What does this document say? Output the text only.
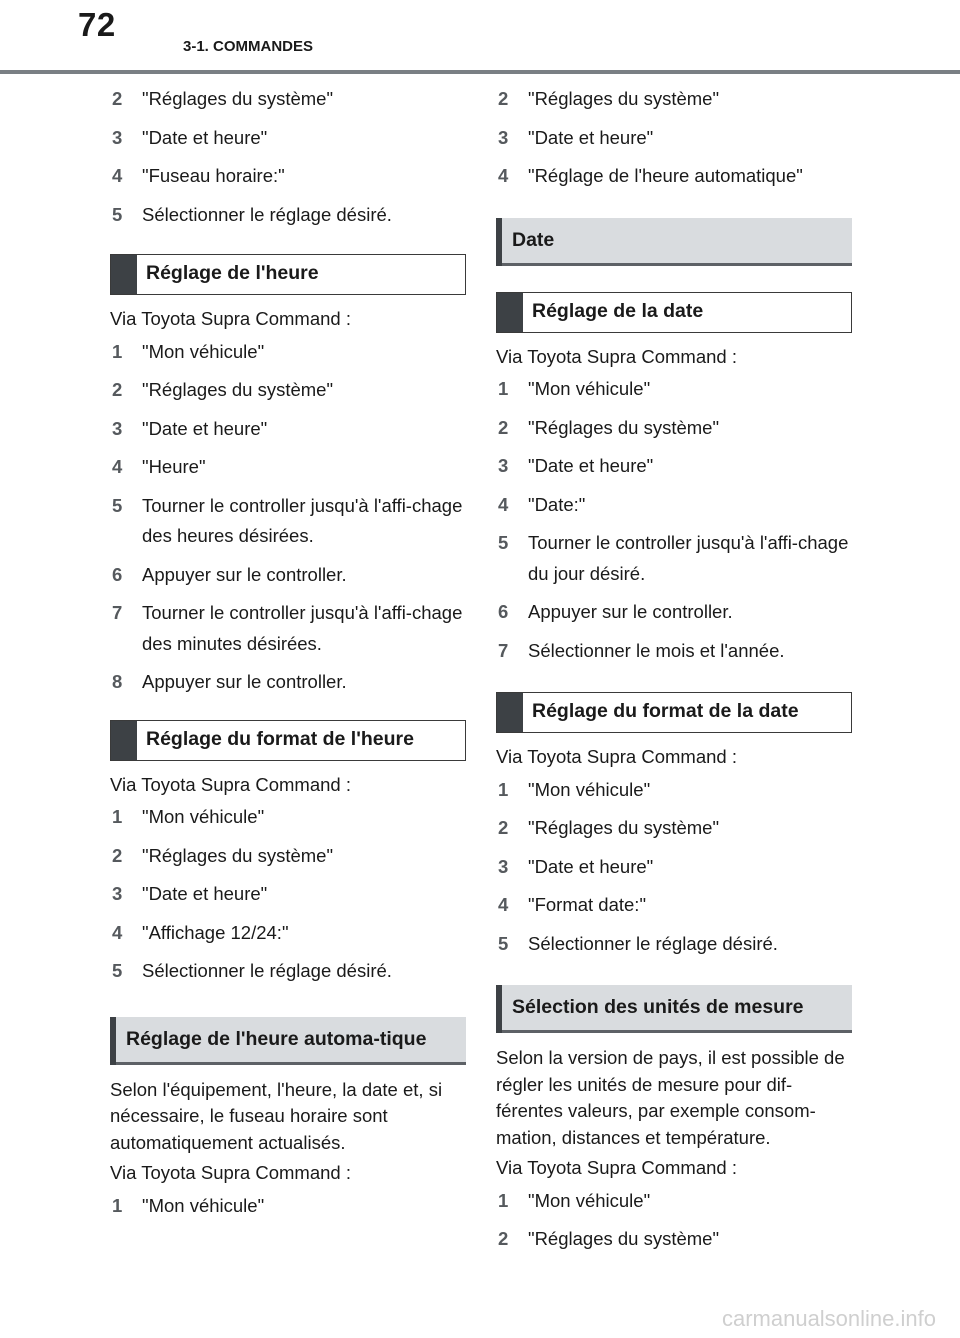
72
3-1. COMMANDES
2 "Réglages du système"
3 "Date et heure"
4 "Fuseau horaire:"
5 Sélectionner le réglage désiré.
Réglage de l'heure
Via Toyota Supra Command :
1 "Mon véhicule"
2 "Réglages du système"
3 "Date et heure"
4 "Heure"
5 Tourner le controller jusqu'à l'affi-chage des heures désirées.
6 Appuyer sur le controller.
7 Tourner le controller jusqu'à l'affi-chage des minutes désirées.
8 Appuyer sur le controller.
Réglage du format de l'heure
Via Toyota Supra Command :
1 "Mon véhicule"
2 "Réglages du système"
3 "Date et heure"
4 "Affichage 12/24:"
5 Sélectionner le réglage désiré.
Réglage de l'heure automa-tique
Selon l'équipement, l'heure, la date et, si nécessaire, le fuseau horaire sont automatiquement actualisés.
Via Toyota Supra Command :
1 "Mon véhicule"
2 "Réglages du système"
3 "Date et heure"
4 "Réglage de l'heure automatique"
Date
Réglage de la date
Via Toyota Supra Command :
1 "Mon véhicule"
2 "Réglages du système"
3 "Date et heure"
4 "Date:"
5 Tourner le controller jusqu'à l'affi-chage du jour désiré.
6 Appuyer sur le controller.
7 Sélectionner le mois et l'année.
Réglage du format de la date
Via Toyota Supra Command :
1 "Mon véhicule"
2 "Réglages du système"
3 "Date et heure"
4 "Format date:"
5 Sélectionner le réglage désiré.
Sélection des unités de mesure
Selon la version de pays, il est possible de régler les unités de mesure pour dif-férentes valeurs, par exemple consom-mation, distances et température.
Via Toyota Supra Command :
1 "Mon véhicule"
2 "Réglages du système"
carmanualsonline.info
